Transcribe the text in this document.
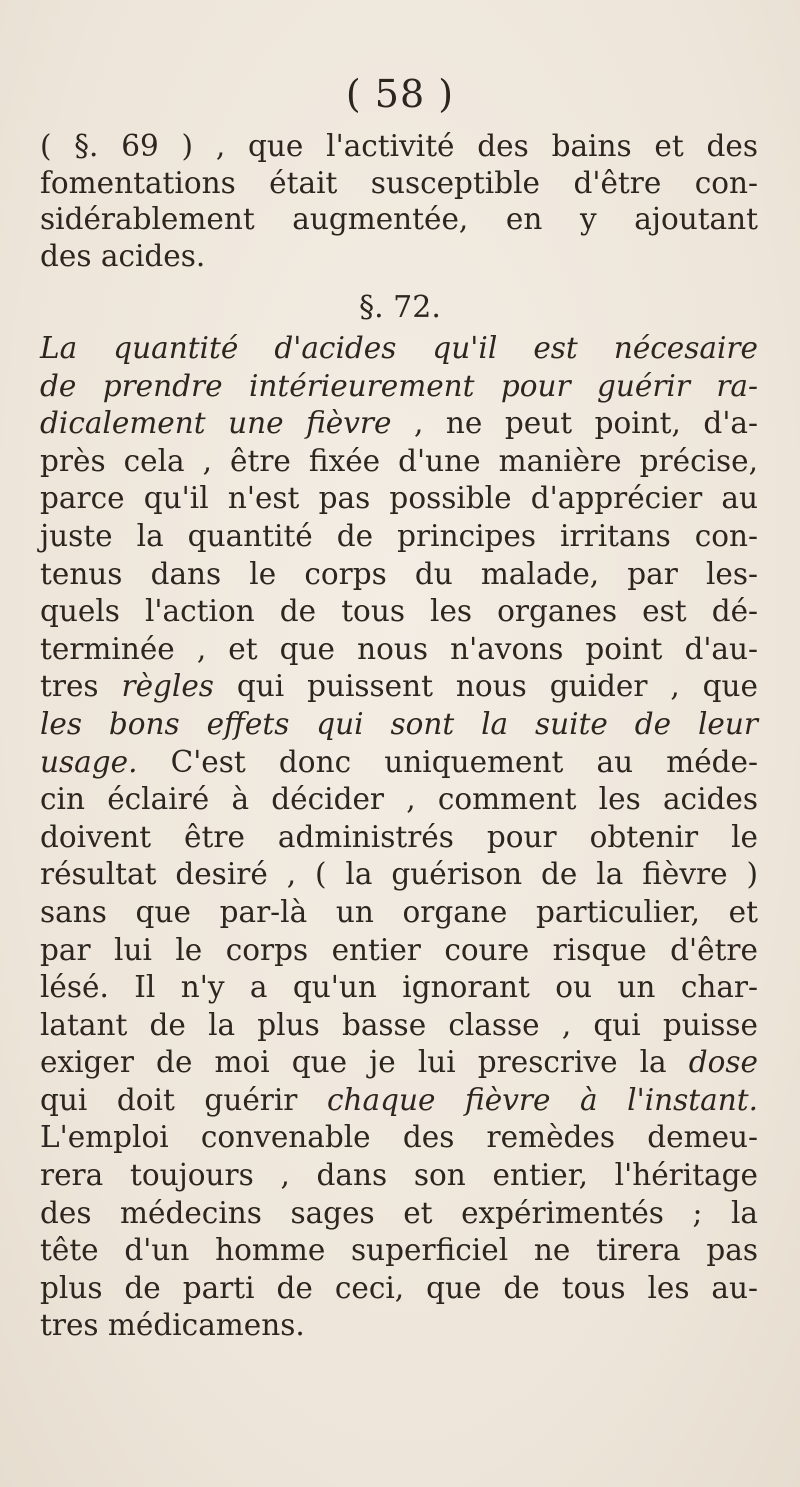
( 58 )
( §. 69 ) , que l'activité des bains et des
fomentations était susceptible d'être con-
sidérablement augmentée, en y ajoutant
des acides.
§. 72.
La quantité d'acides qu'il est nécesaire
de prendre intérieurement pour guérir ra-
dicalement une fièvre , ne peut point, d'a-
près cela , être fixée d'une manière précise,
parce qu'il n'est pas possible d'apprécier au
juste la quantité de principes irritans con-
tenus dans le corps du malade, par les-
quels l'action de tous les organes est dé-
terminée , et que nous n'avons point d'au-
tres règles qui puissent nous guider , que
les bons effets qui sont la suite de leur
usage. C'est donc uniquement au méde-
cin éclairé à décider , comment les acides
doivent être administrés pour obtenir le
résultat desiré , ( la guérison de la fièvre )
sans que par-là un organe particulier, et
par lui le corps entier coure risque d'être
lésé. Il n'y a qu'un ignorant ou un char-
latant de la plus basse classe , qui puisse
exiger de moi que je lui prescrive la dose
qui doit guérir chaque fièvre à l'instant.
L'emploi convenable des remèdes demeu-
rera toujours , dans son entier, l'héritage
des médecins sages et expérimentés ; la
tête d'un homme superficiel ne tirera pas
plus de parti de ceci, que de tous les au-
tres médicamens.
